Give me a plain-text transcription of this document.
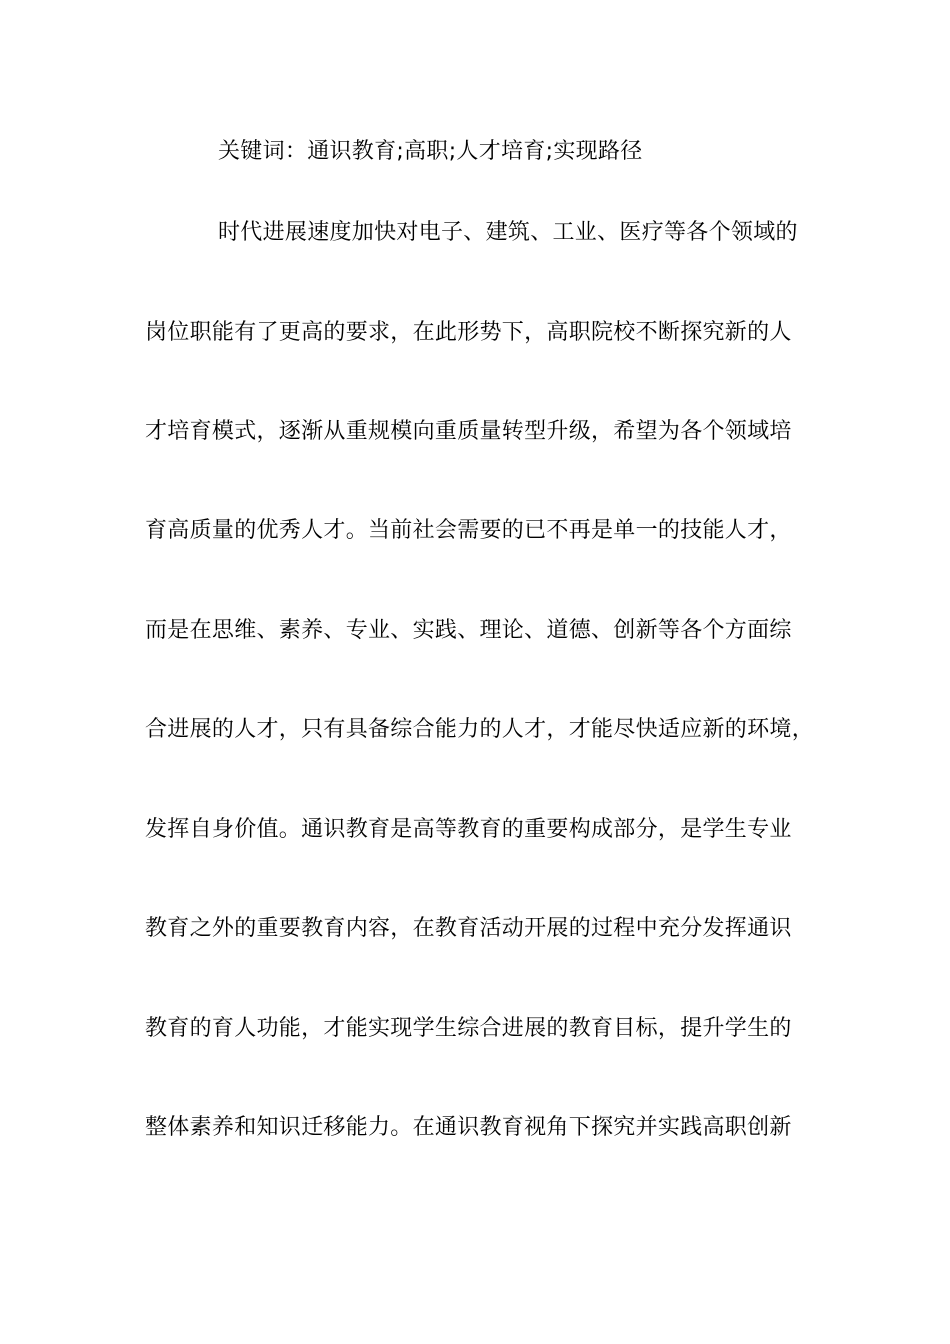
关键词：通识教育;高职;人才培育;实现路径
时代进展速度加快对电子、建筑、工业、医疗等各个领域的
岗位职能有了更高的要求，在此形势下，高职院校不断探究新的人
才培育模式，逐渐从重规模向重质量转型升级，希望为各个领域培
育高质量的优秀人才。当前社会需要的已不再是单一的技能人才，
而是在思维、素养、专业、实践、理论、道德、创新等各个方面综
合进展的人才，只有具备综合能力的人才，才能尽快适应新的环境，
发挥自身价值。通识教育是高等教育的重要构成部分，是学生专业
教育之外的重要教育内容，在教育活动开展的过程中充分发挥通识
教育的育人功能，才能实现学生综合进展的教育目标，提升学生的
整体素养和知识迁移能力。在通识教育视角下探究并实践高职创新
